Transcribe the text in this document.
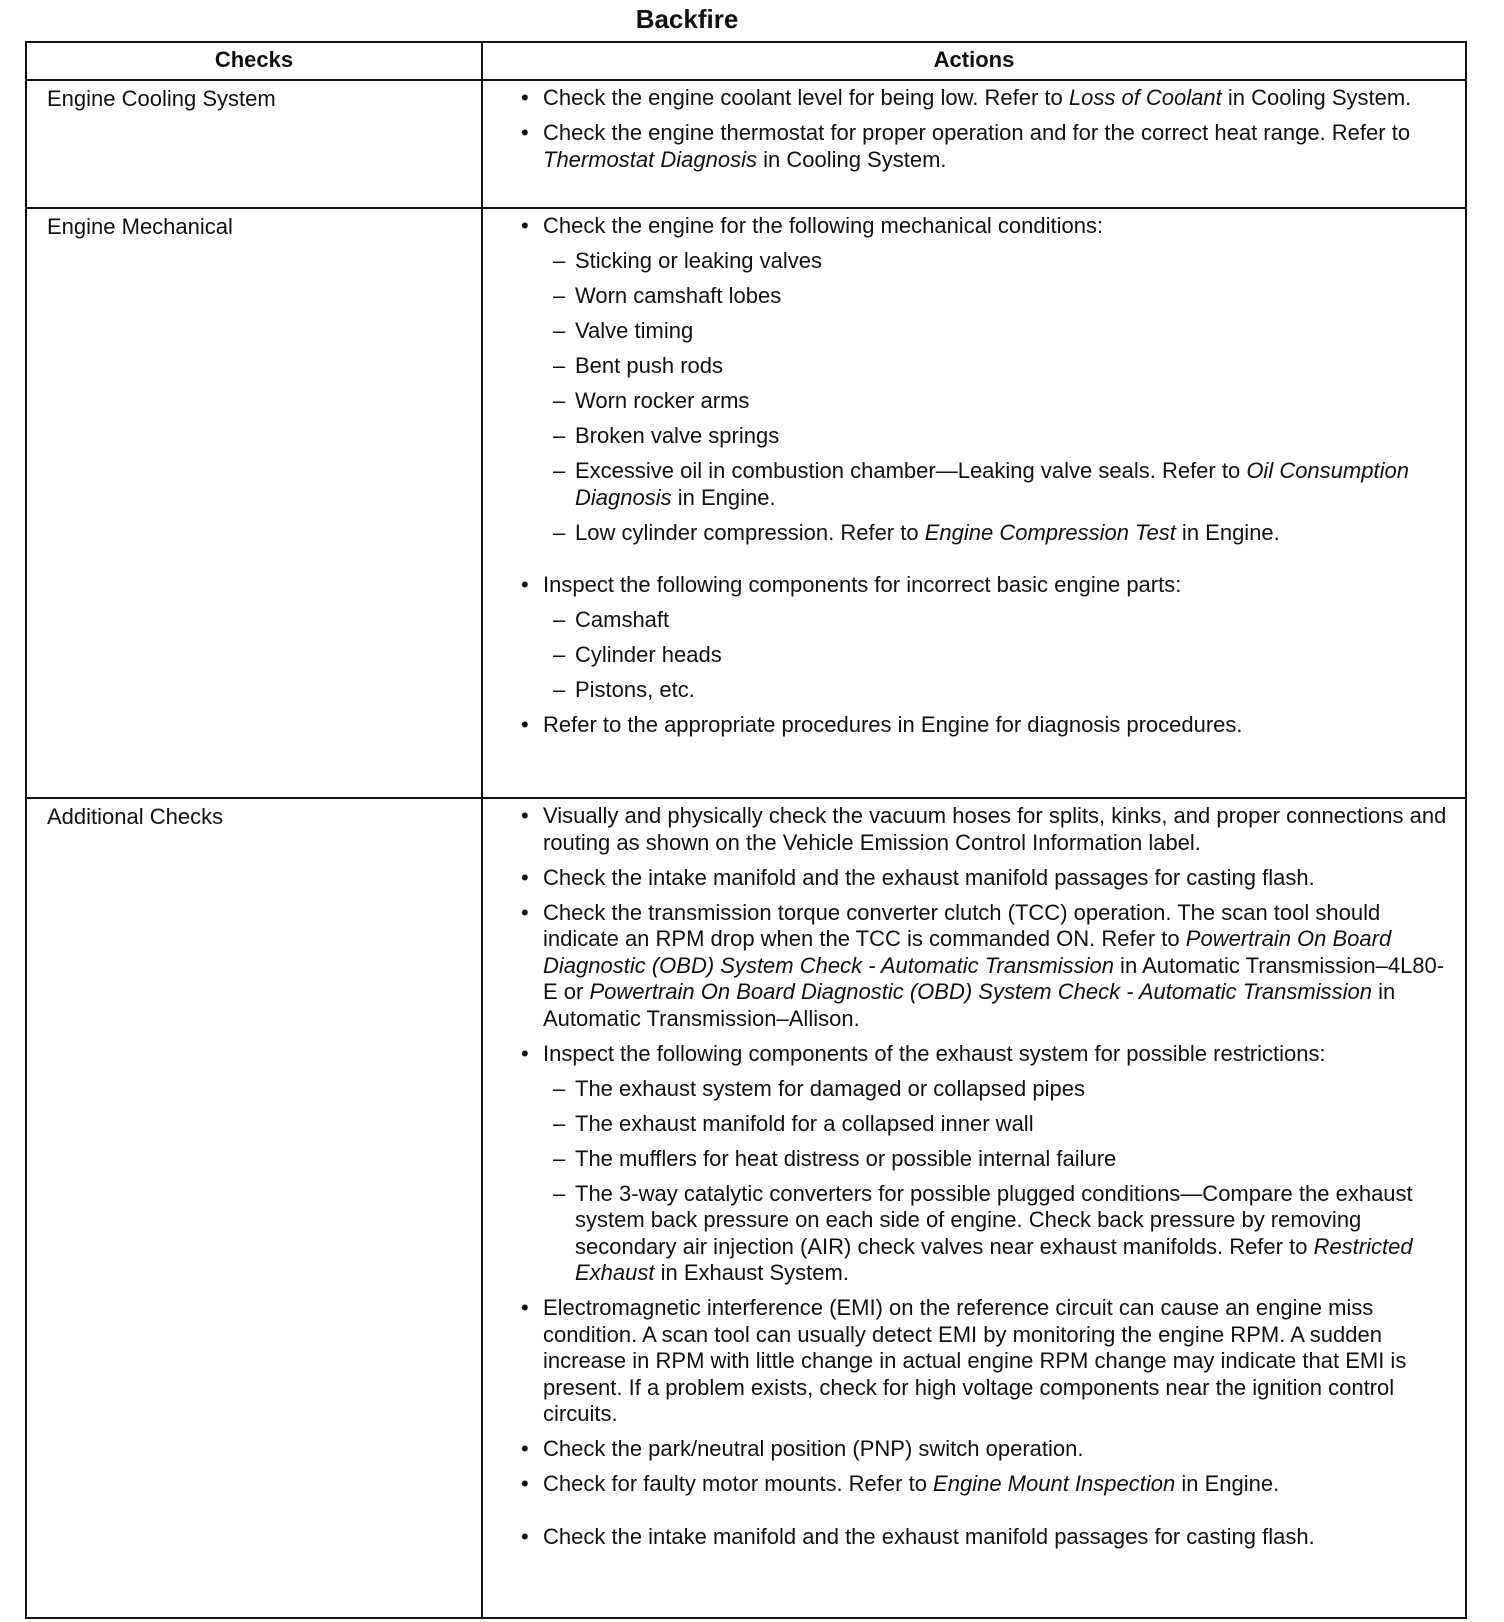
Backfire
Checks	Actions
Engine Cooling System	• Check the engine coolant level for being low. Refer to Loss of Coolant in Cooling System.
• Check the engine thermostat for proper operation and for the correct heat range. Refer to Thermostat Diagnosis in Cooling System.
Engine Mechanical	• Check the engine for the following mechanical conditions:
– Sticking or leaking valves
– Worn camshaft lobes
– Valve timing
– Bent push rods
– Worn rocker arms
– Broken valve springs
– Excessive oil in combustion chamber—Leaking valve seals. Refer to Oil Consumption Diagnosis in Engine.
– Low cylinder compression. Refer to Engine Compression Test in Engine.
• Inspect the following components for incorrect basic engine parts:
– Camshaft
– Cylinder heads
– Pistons, etc.
• Refer to the appropriate procedures in Engine for diagnosis procedures.
Additional Checks	• Visually and physically check the vacuum hoses for splits, kinks, and proper connections and routing as shown on the Vehicle Emission Control Information label.
• Check the intake manifold and the exhaust manifold passages for casting flash.
• Check the transmission torque converter clutch (TCC) operation. The scan tool should indicate an RPM drop when the TCC is commanded ON. Refer to Powertrain On Board Diagnostic (OBD) System Check - Automatic Transmission in Automatic Transmission–4L80-E or Powertrain On Board Diagnostic (OBD) System Check - Automatic Transmission in Automatic Transmission–Allison.
• Inspect the following components of the exhaust system for possible restrictions:
– The exhaust system for damaged or collapsed pipes
– The exhaust manifold for a collapsed inner wall
– The mufflers for heat distress or possible internal failure
– The 3-way catalytic converters for possible plugged conditions—Compare the exhaust system back pressure on each side of engine. Check back pressure by removing secondary air injection (AIR) check valves near exhaust manifolds. Refer to Restricted Exhaust in Exhaust System.
• Electromagnetic interference (EMI) on the reference circuit can cause an engine miss condition. A scan tool can usually detect EMI by monitoring the engine RPM. A sudden increase in RPM with little change in actual engine RPM change may indicate that EMI is present. If a problem exists, check for high voltage components near the ignition control circuits.
• Check the park/neutral position (PNP) switch operation.
• Check for faulty motor mounts. Refer to Engine Mount Inspection in Engine.
• Check the intake manifold and the exhaust manifold passages for casting flash.
